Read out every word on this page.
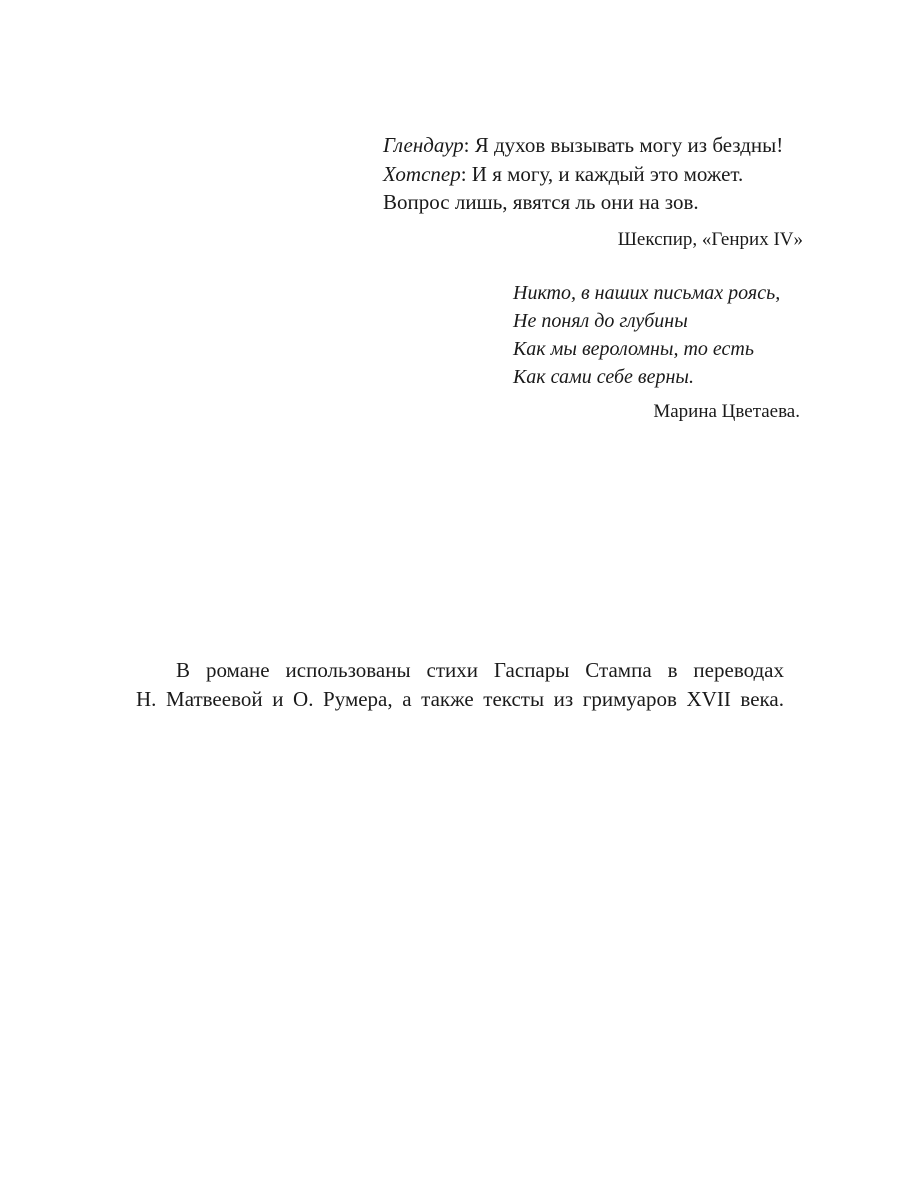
Глендаур: Я духов вызывать могу из бездны!
Хотспер: И я могу, и каждый это может.
Вопрос лишь, явятся ль они на зов.
Шекспир, «Генрих IV»
Никто, в наших письмах роясь,
Не понял до глубины
Как мы вероломны, то есть
Как сами себе верны.
Марина Цветаева.
В романе использованы стихи Гаспары Стампа в переводах
Н. Матвеевой и О. Румера, а также тексты из гримуаров XVII века.
